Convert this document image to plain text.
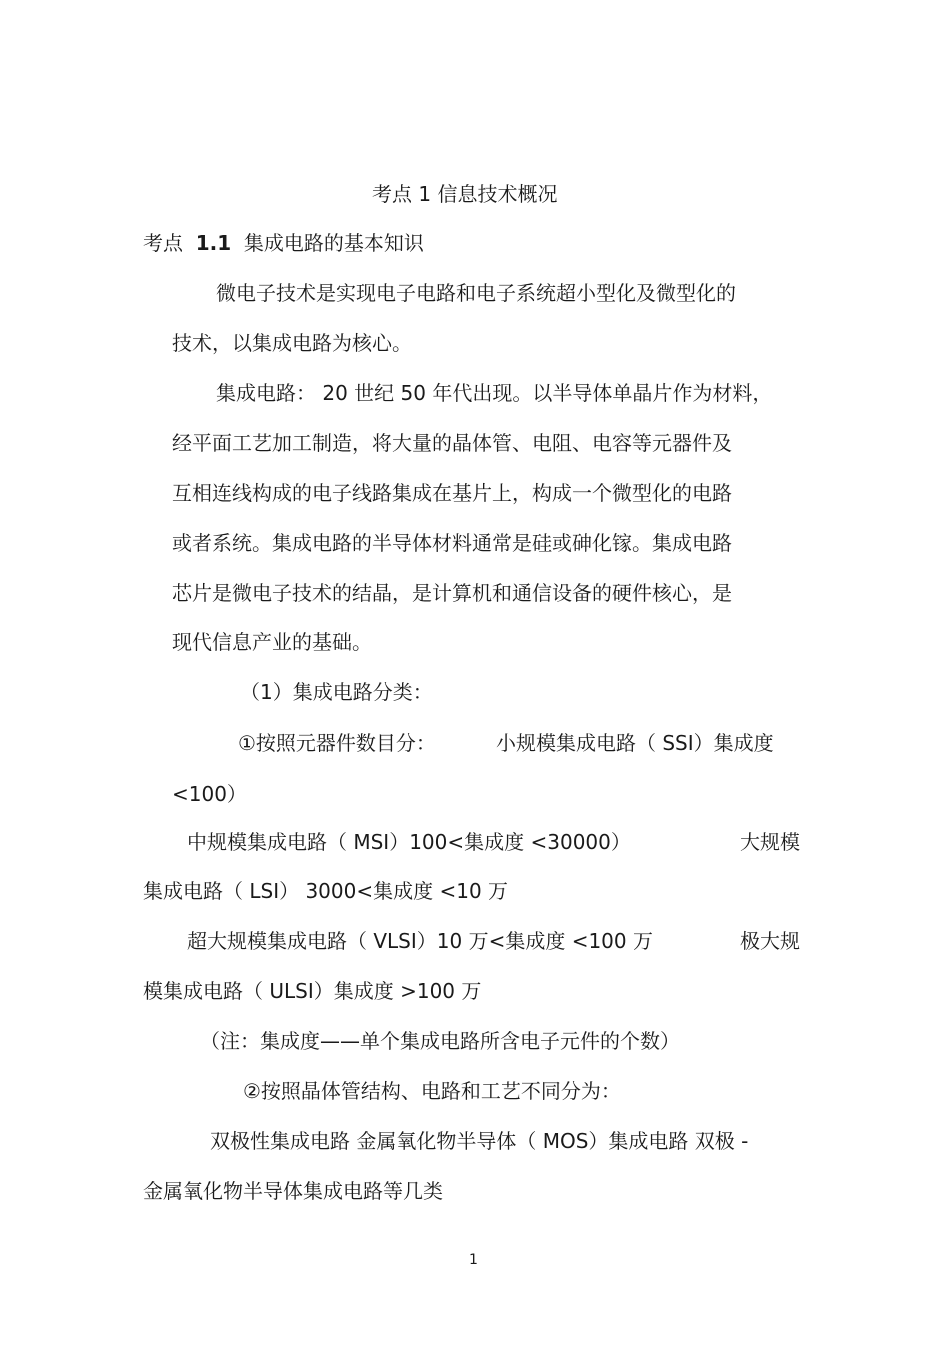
考点 1 信息技术概况
考点 1.1 集成电路的基本知识
微电子技术是实现电子电路和电子系统超小型化及微型化的
技术，以集成电路为核心。
集成电路： 20 世纪 50 年代出现。以半导体单晶片作为材料，
经平面工艺加工制造，将大量的晶体管、电阻、电容等元器件及
互相连线构成的电子线路集成在基片上，构成一个微型化的电路
或者系统。集成电路的半导体材料通常是硅或砷化镓。集成电路
芯片是微电子技术的结晶，是计算机和通信设备的硬件核心，是
现代信息产业的基础。
（1）集成电路分类：
①按照元器件数目分：	小规模集成电路（ SSI）集成度
<100）
中规模集成电路（ MSI）100<集成度 <30000）	大规模
集成电路（ LSI） 3000<集成度 <10 万
超大规模集成电路（ VLSI）10 万<集成度 <100 万	极大规
模集成电路（ ULSI）集成度 >100 万
（注：集成度——单个集成电路所含电子元件的个数）
②按照晶体管结构、电路和工艺不同分为：
双极性集成电路 金属氧化物半导体（ MOS）集成电路 双极 -
金属氧化物半导体集成电路等几类
1
